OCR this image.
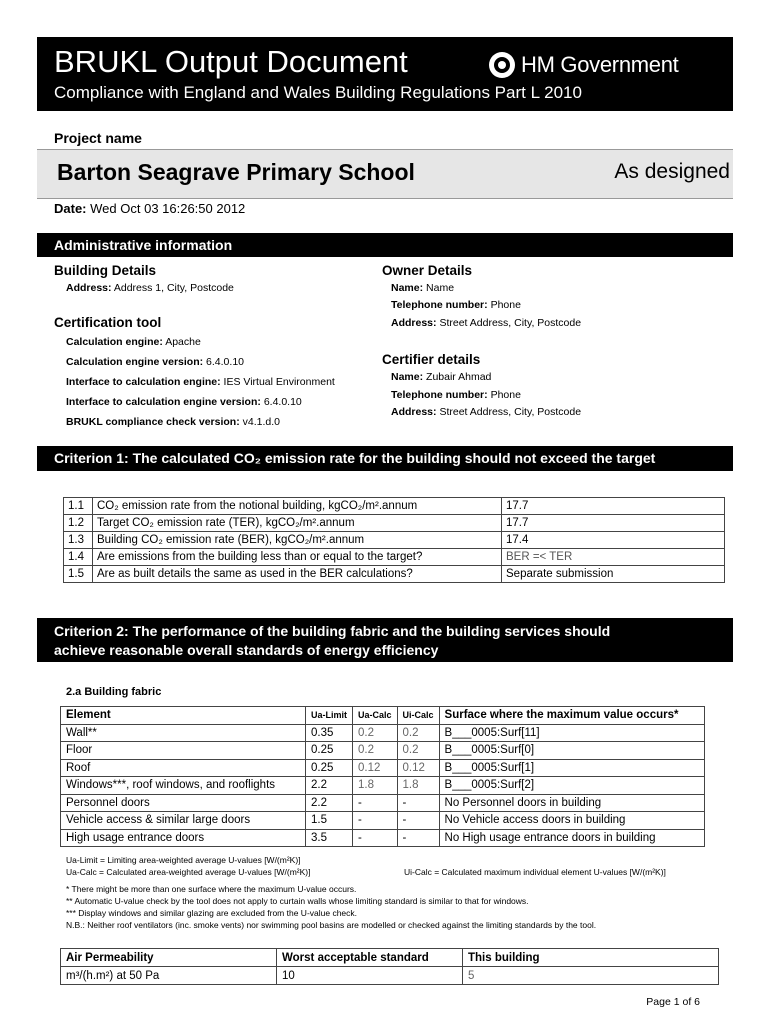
BRUKL Output Document
Compliance with England and Wales Building Regulations Part L 2010
HM Government
Project name
Barton Seagrave Primary School	As designed
Date: Wed Oct 03 16:26:50 2012
Administrative information
Building Details
Address: Address 1, City, Postcode
Certification tool
Calculation engine: Apache
Calculation engine version: 6.4.0.10
Interface to calculation engine: IES Virtual Environment
Interface to calculation engine version: 6.4.0.10
BRUKL compliance check version: v4.1.d.0
Owner Details
Name: Name
Telephone number: Phone
Address: Street Address, City, Postcode
Certifier details
Name: Zubair Ahmad
Telephone number: Phone
Address: Street Address, City, Postcode
Criterion 1: The calculated CO₂ emission rate for the building should not exceed the target
1.1	CO₂ emission rate from the notional building, kgCO₂/m².annum	17.7
1.2	Target CO₂ emission rate (TER), kgCO₂/m².annum	17.7
1.3	Building CO₂ emission rate (BER), kgCO₂/m².annum	17.4
1.4	Are emissions from the building less than or equal to the target?	BER =< TER
1.5	Are as built details the same as used in the BER calculations?	Separate submission
Criterion 2: The performance of the building fabric and the building services should
achieve reasonable overall standards of energy efficiency
2.a Building fabric
Element	Ua-Limit	Ua-Calc	Ui-Calc	Surface where the maximum value occurs*
Wall**	0.35	0.2	0.2	B___0005:Surf[11]
Floor	0.25	0.2	0.2	B___0005:Surf[0]
Roof	0.25	0.12	0.12	B___0005:Surf[1]
Windows***, roof windows, and rooflights	2.2	1.8	1.8	B___0005:Surf[2]
Personnel doors	2.2	-	-	No Personnel doors in building
Vehicle access & similar large doors	1.5	-	-	No Vehicle access doors in building
High usage entrance doors	3.5	-	-	No High usage entrance doors in building
Ua-Limit = Limiting area-weighted average U-values [W/(m²K)]
Ua-Calc = Calculated area-weighted average U-values [W/(m²K)]	Ui-Calc = Calculated maximum individual element U-values [W/(m²K)]
* There might be more than one surface where the maximum U-value occurs.
** Automatic U-value check by the tool does not apply to curtain walls whose limiting standard is similar to that for windows.
*** Display windows and similar glazing are excluded from the U-value check.
N.B.: Neither roof ventilators (inc. smoke vents) nor swimming pool basins are modelled or checked against the limiting standards by the tool.
Air Permeability	Worst acceptable standard	This building
m³/(h.m²) at 50 Pa	10	5
Page 1 of 6
